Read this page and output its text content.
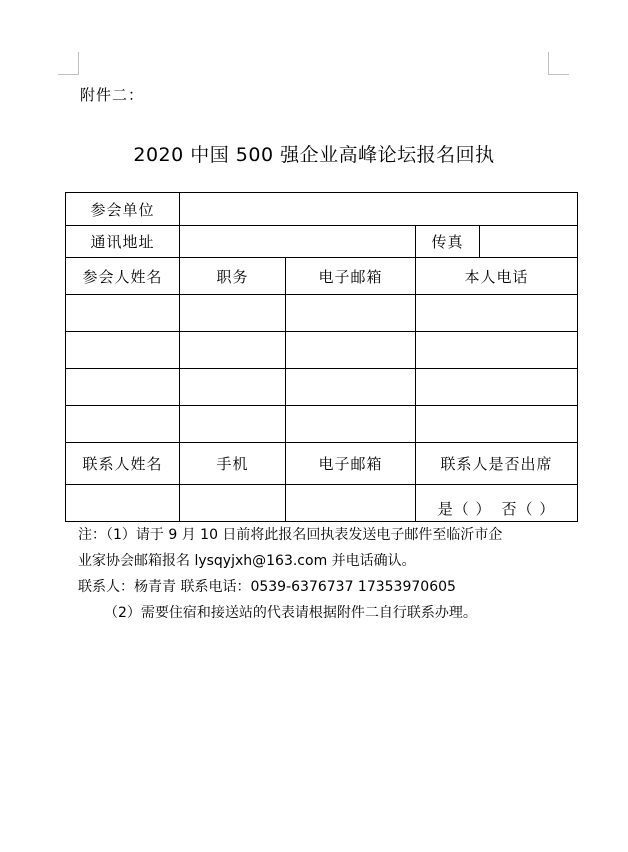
附件二：
2020 中国 500 强企业高峰论坛报名回执
参会单位				
通讯地址			传真	
参会人姓名	职务	电子邮箱	本人电话	

联系人姓名	手机	电子邮箱	联系人是否出席	

			是（ ） 否（ ）	

注：（1）请于 9 月 10 日前将此报名回执表发送电子邮件至临沂市企

业家协会邮箱报名 lysqyjxh@163.com 并电话确认。

联系人：杨青青 联系电话：0539-6376737 17353970605

（2）需要住宿和接送站的代表请根据附件二自行联系办理。
